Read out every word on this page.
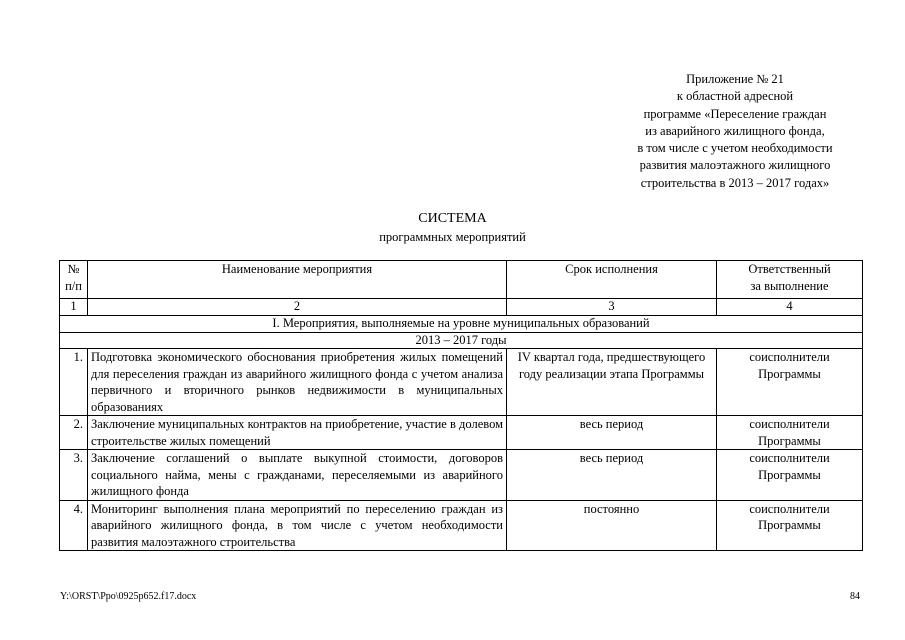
Приложение № 21
к областной адресной
программе «Переселение граждан
из аварийного жилищного фонда,
в том числе с учетом необходимости
развития малоэтажного жилищного
строительства в 2013 – 2017 годах»
СИСТЕМА
программных мероприятий
№ п/п	Наименование мероприятия	Срок исполнения	Ответственный
за выполнение

1	2	3	4
I. Мероприятия, выполняемые на уровне муниципальных образований			
2013 – 2017 годы			
1.	Подготовка экономического обоснования приобретения жилых помещений для переселения граждан из аварийного жилищного фонда с учетом анализа первичного и вторичного рынков недвижимости в муниципальных образованиях	IV квартал года, предшествующего году реализации этапа Программы	соисполнители Программы
2.	Заключение муниципальных контрактов на приобретение, участие в долевом строительстве жилых помещений	весь период	соисполнители Программы
3.	Заключение соглашений о выплате выкупной стоимости, договоров социального найма, мены с гражданами, переселяемыми из аварийного жилищного фонда	весь период	соисполнители Программы
4.	Мониторинг выполнения плана мероприятий по переселению граждан из аварийного жилищного фонда, в том числе с учетом необходимости развития малоэтажного строительства	постоянно	соисполнители Программы
Y:\ORST\Ppo\0925p652.f17.docx	84
